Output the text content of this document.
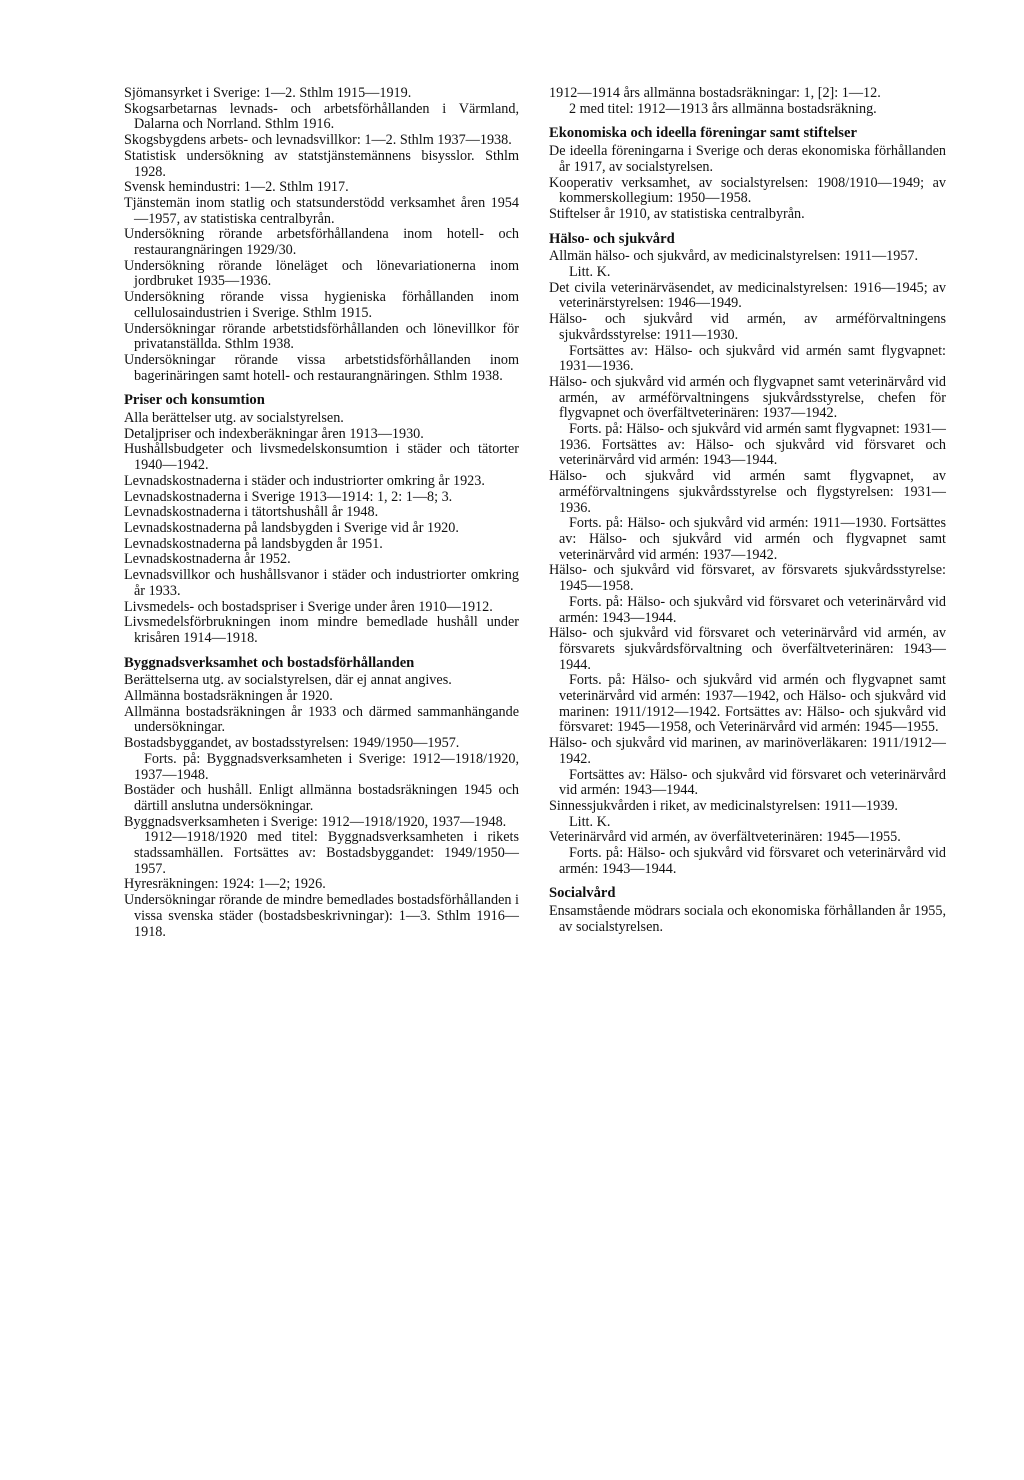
Sjömansyrket i Sverige: 1—2. Sthlm 1915—1919.

Skogsarbetarnas levnads- och arbetsförhållanden i Värmland, Dalarna och Norrland. Sthlm 1916.

Skogsbygdens arbets- och levnadsvillkor: 1—2. Sthlm 1937—1938.

Statistisk undersökning av statstjänstemännens bisysslor. Sthlm 1928.

Svensk hemindustri: 1—2. Sthlm 1917.

Tjänstemän inom statlig och statsunderstödd verksamhet åren 1954—1957, av statistiska centralbyrån.

Undersökning rörande arbetsförhållandena inom hotell- och restaurangnäringen 1929/30.

Undersökning rörande löneläget och lönevariationerna inom jordbruket 1935—1936.

Undersökning rörande vissa hygieniska förhållanden inom cellulosaindustrien i Sverige. Sthlm 1915.

Undersökningar rörande arbetstidsförhållanden och lönevillkor för privatanställda. Sthlm 1938.

Undersökningar rörande vissa arbetstidsförhållanden inom bagerinäringen samt hotell- och restaurangnäringen. Sthlm 1938.

Priser och konsumtion

Alla berättelser utg. av socialstyrelsen.

Detaljpriser och indexberäkningar åren 1913—1930.

Hushållsbudgeter och livsmedelskonsumtion i städer och tätorter 1940—1942.

Levnadskostnaderna i städer och industriorter omkring år 1923.

Levnadskostnaderna i Sverige 1913—1914: 1, 2: 1—8; 3.

Levnadskostnaderna i tätortshushåll år 1948.

Levnadskostnaderna på landsbygden i Sverige vid år 1920.

Levnadskostnaderna på landsbygden år 1951.

Levnadskostnaderna år 1952.

Levnadsvillkor och hushållsvanor i städer och industriorter omkring år 1933.

Livsmedels- och bostadspriser i Sverige under åren 1910—1912.

Livsmedelsförbrukningen inom mindre bemedlade hushåll under krisåren 1914—1918.

Byggnadsverksamhet och bostadsförhållanden

Berättelserna utg. av socialstyrelsen, där ej annat angives.

Allmänna bostadsräkningen år 1920.

Allmänna bostadsräkningen år 1933 och därmed sammanhängande undersökningar.

Bostadsbyggandet, av bostadsstyrelsen: 1949/1950—1957.

Forts. på: Byggnadsverksamheten i Sverige: 1912—1918/1920, 1937—1948.

Bostäder och hushåll. Enligt allmänna bostadsräkningen 1945 och därtill anslutna undersökningar.

Byggnadsverksamheten i Sverige: 1912—1918/1920, 1937—1948.

1912—1918/1920 med titel: Byggnadsverksamheten i rikets stadssamhällen. Fortsättes av: Bostadsbyggandet: 1949/1950—1957.

Hyresräkningen: 1924: 1—2; 1926.

Undersökningar rörande de mindre bemedlades bostadsförhållanden i vissa svenska städer (bostadsbeskrivningar): 1—3. Sthlm 1916—1918.

1912—1914 års allmänna bostadsräkningar: 1, [2]: 1—12.

2 med titel: 1912—1913 års allmänna bostadsräkning.

Ekonomiska och ideella föreningar samt stiftelser

De ideella föreningarna i Sverige och deras ekonomiska förhållanden år 1917, av socialstyrelsen.

Kooperativ verksamhet, av socialstyrelsen: 1908/1910—1949; av kommerskollegium: 1950—1958.

Stiftelser år 1910, av statistiska centralbyrån.

Hälso- och sjukvård

Allmän hälso- och sjukvård, av medicinalstyrelsen: 1911—1957.

Litt. K.

Det civila veterinärväsendet, av medicinalstyrelsen: 1916—1945; av veterinärstyrelsen: 1946—1949.

Hälso- och sjukvård vid armén, av arméförvaltningens sjukvårdsstyrelse: 1911—1930.

Fortsättes av: Hälso- och sjukvård vid armén samt flygvapnet: 1931—1936.

Hälso- och sjukvård vid armén och flygvapnet samt veterinärvård vid armén, av arméförvaltningens sjukvårdsstyrelse, chefen för flygvapnet och överfältveterinären: 1937—1942.

Forts. på: Hälso- och sjukvård vid armén samt flygvapnet: 1931—1936. Fortsättes av: Hälso- och sjukvård vid försvaret och veterinärvård vid armén: 1943—1944.

Hälso- och sjukvård vid armén samt flygvapnet, av arméförvaltningens sjukvårdsstyrelse och flygstyrelsen: 1931—1936.

Forts. på: Hälso- och sjukvård vid armén: 1911—1930. Fortsättes av: Hälso- och sjukvård vid armén och flygvapnet samt veterinärvård vid armén: 1937—1942.

Hälso- och sjukvård vid försvaret, av försvarets sjukvårdsstyrelse: 1945—1958.

Forts. på: Hälso- och sjukvård vid försvaret och veterinärvård vid armén: 1943—1944.

Hälso- och sjukvård vid försvaret och veterinärvård vid armén, av försvarets sjukvårdsförvaltning och överfältveterinären: 1943—1944.

Forts. på: Hälso- och sjukvård vid armén och flygvapnet samt veterinärvård vid armén: 1937—1942, och Hälso- och sjukvård vid marinen: 1911/1912—1942. Fortsättes av: Hälso- och sjukvård vid försvaret: 1945—1958, och Veterinärvård vid armén: 1945—1955.

Hälso- och sjukvård vid marinen, av marinöverläkaren: 1911/1912—1942.

Fortsättes av: Hälso- och sjukvård vid försvaret och veterinärvård vid armén: 1943—1944.

Sinnessjukvården i riket, av medicinalstyrelsen: 1911—1939.

Litt. K.

Veterinärvård vid armén, av överfältveterinären: 1945—1955.

Forts. på: Hälso- och sjukvård vid försvaret och veterinärvård vid armén: 1943—1944.

Socialvård

Ensamstående mödrars sociala och ekonomiska förhållanden år 1955, av socialstyrelsen.
